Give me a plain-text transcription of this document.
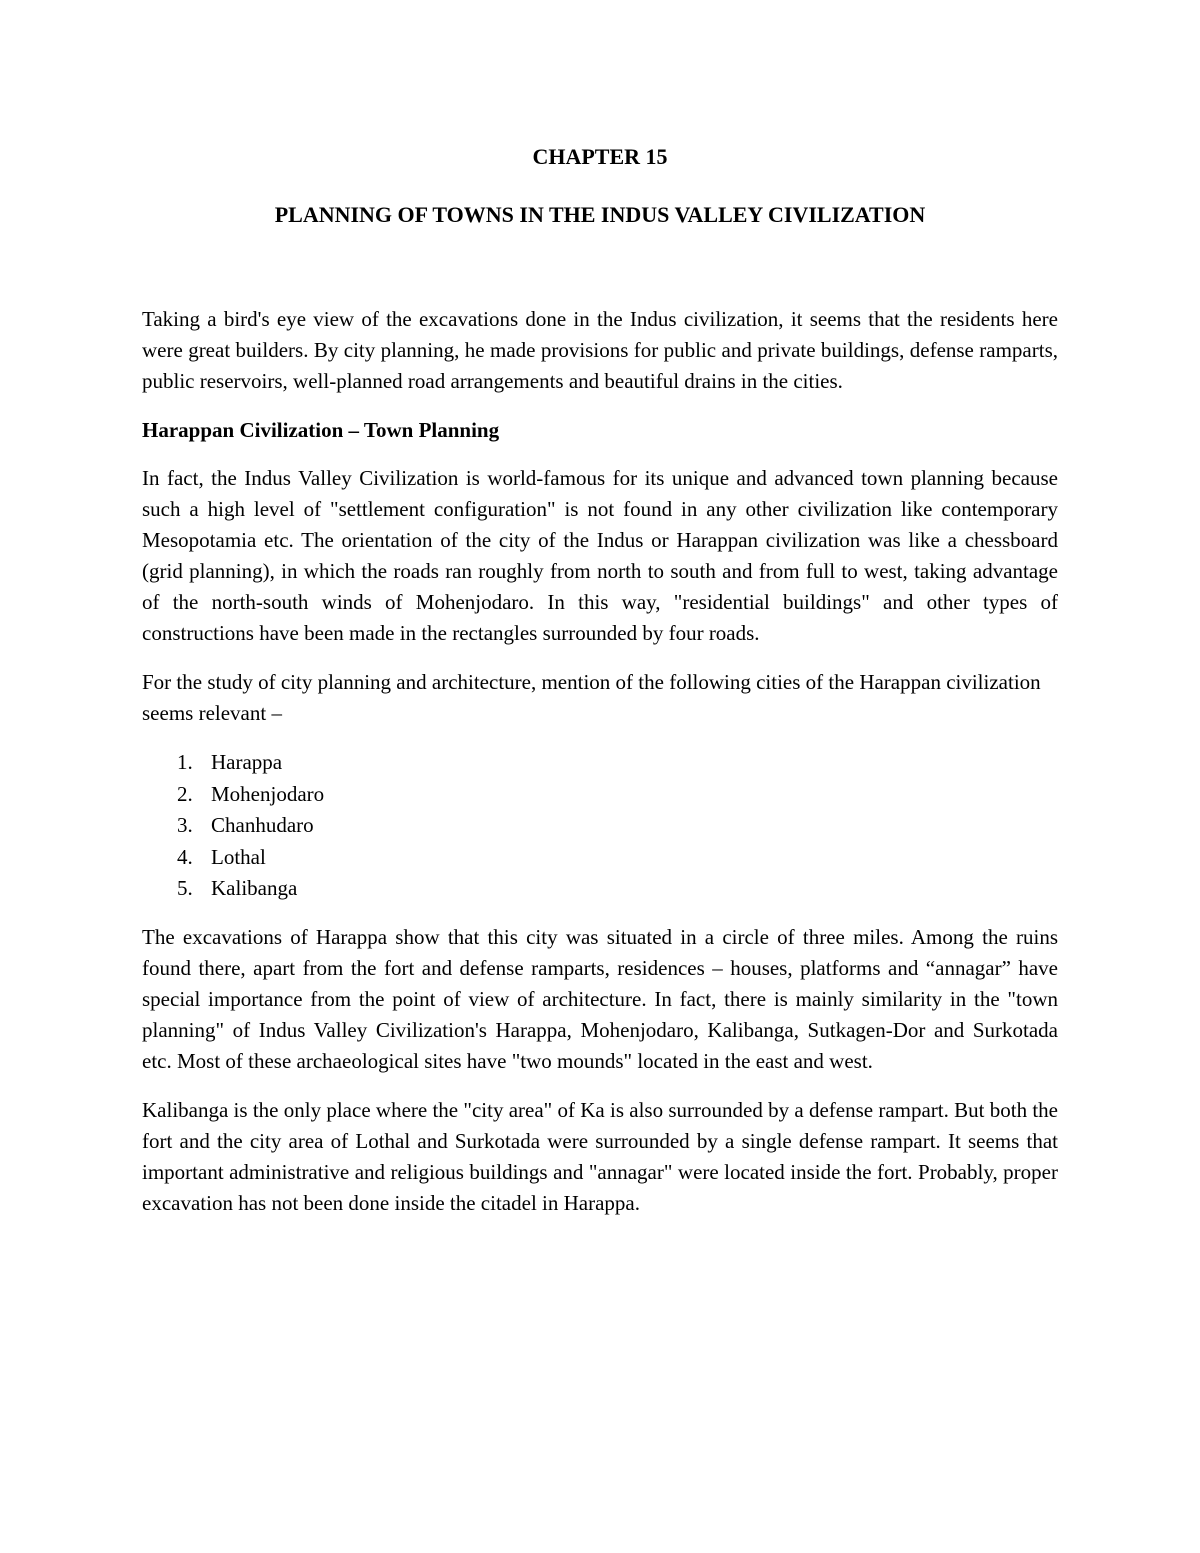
CHAPTER 15
PLANNING OF TOWNS IN THE INDUS VALLEY CIVILIZATION

Taking a bird's eye view of the excavations done in the Indus civilization, it seems that the residents here were great builders. By city planning, he made provisions for public and private buildings, defense ramparts, public reservoirs, well-planned road arrangements and beautiful drains in the cities.

Harappan Civilization – Town Planning

In fact, the Indus Valley Civilization is world-famous for its unique and advanced town planning because such a high level of "settlement configuration" is not found in any other civilization like contemporary Mesopotamia etc. The orientation of the city of the Indus or Harappan civilization was like a chessboard (grid planning), in which the roads ran roughly from north to south and from full to west, taking advantage of the north-south winds of Mohenjodaro. In this way, "residential buildings" and other types of constructions have been made in the rectangles surrounded by four roads.

For the study of city planning and architecture, mention of the following cities of the Harappan civilization seems relevant –

1. Harappa
2. Mohenjodaro
3. Chanhudaro
4. Lothal
5. Kalibanga

The excavations of Harappa show that this city was situated in a circle of three miles. Among the ruins found there, apart from the fort and defense ramparts, residences – houses, platforms and “annagar” have special importance from the point of view of architecture. In fact, there is mainly similarity in the "town planning" of Indus Valley Civilization's Harappa, Mohenjodaro, Kalibanga, Sutkagen-Dor and Surkotada etc. Most of these archaeological sites have "two mounds" located in the east and west.

Kalibanga is the only place where the "city area" of Ka is also surrounded by a defense rampart. But both the fort and the city area of Lothal and Surkotada were surrounded by a single defense rampart. It seems that important administrative and religious buildings and "annagar" were located inside the fort. Probably, proper excavation has not been done inside the citadel in Harappa.
